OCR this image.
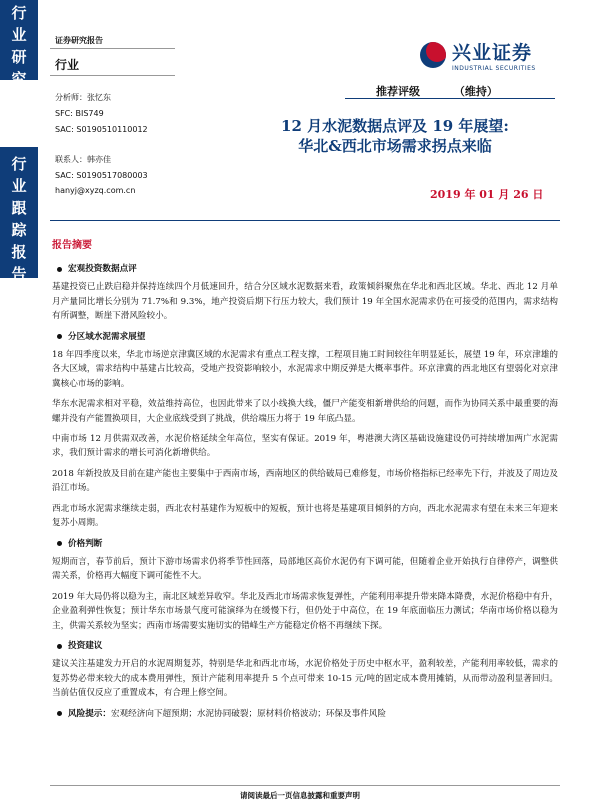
行
业
研
究
行
业
跟
踪
报
告
证券研究报告
行业
兴业证券
INDUSTRIAL SECURITIES
推荐评级	（维持）
分析师：张忆东
SFC: BIS749
SAC: S0190510110012
联系人：韩亦佳
SAC: S0190517080003
hanyj@xyzq.com.cn
12 月水泥数据点评及 19 年展望:
华北&西北市场需求拐点来临
2019 年 01 月 26 日
报告摘要
宏观投资数据点评

基建投资已止跌启稳并保持连续四个月低速回升，结合分区域水泥数据来看，政策倾斜聚焦在华北和西北区域。华北、西北 12 月单月产量同比增长分别为 71.7%和 9.3%，地产投资后期下行压力较大，我们预计 19 年全国水泥需求仍在可接受的范围内，需求结构有所调整，断崖下滑风险较小。

分区域水泥需求展望

18 年四季度以来，华北市场逆京津冀区域的水泥需求有重点工程支撑，工程项目施工时间较往年明显延长，展望 19 年，环京津雄的各大区域，需求结构中基建占比较高，受地产投资影响较小，水泥需求中期反弹是大概率事件。环京津冀的西北地区有望弱化对京津冀核心市场的影响。

华东水泥需求相对平稳，效益维持高位，也因此带来了以小线换大线，僵尸产能变相新增供给的问题，而作为协同关系中最重要的海螺并没有产能置换项目，大企业底线受到了挑战，供给端压力将于 19 年底凸显。

中南市场 12 月供需双改善，水泥价格延续全年高位，坚实有保证。2019 年，粤港澳大湾区基础设施建设仍可持续增加两广水泥需求，我们预计需求的增长可消化新增供给。

2018 年新投放及目前在建产能也主要集中于西南市场，西南地区的供给破局已难修复，市场价格指标已经率先下行，并波及了周边及沿江市场。

西北市场水泥需求继续走弱，西北农村基建作为短板中的短板，预计也将是基建项目倾斜的方向，西北水泥需求有望在未来三年迎来复苏小周期。

价格判断

短期而言，春节前后，预计下游市场需求仍将季节性回落，局部地区高价水泥仍有下调可能，但随着企业开始执行自律停产，调整供需关系，价格再大幅度下调可能性不大。

2019 年大局仍将以稳为主，南北区域差异收窄。华北及西北市场需求恢复弹性，产能利用率提升带来降本降费，水泥价格稳中有升，企业盈利弹性恢复；预计华东市场景气度可能演绎为在缓慢下行，但仍处于中高位，在 19 年底面临压力测试；华南市场价格以稳为主，供需关系较为坚实；西南市场需要实施切实的错峰生产方能稳定价格不再继续下探。

投资建议

建议关注基建发力开启的水泥周期复苏，特别是华北和西北市场，水泥价格处于历史中枢水平，盈利较差，产能利用率较低，需求的复苏势必带来较大的成本费用弹性，预计产能利用率提升 5 个点可带来 10-15 元/吨的固定成本费用摊销，从而带动盈利显著回归。当前估值仅反应了重置成本，有合理上修空间。

风险提示： 宏观经济向下超预期；水泥协同破裂；原材料价格波动；环保及事件风险
请阅读最后一页信息披露和重要声明
